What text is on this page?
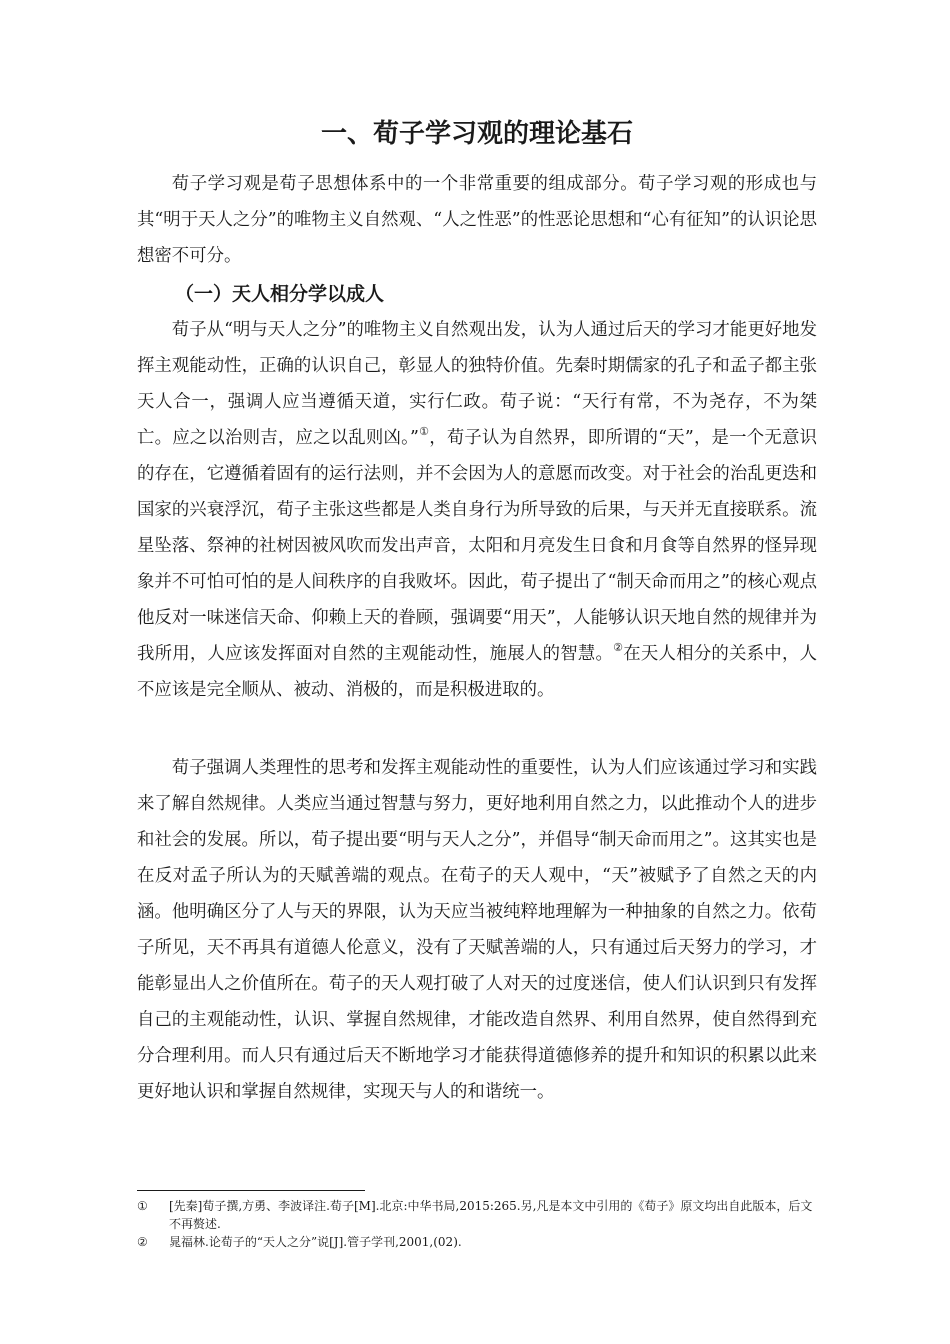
一、荀子学习观的理论基石

荀子学习观是荀子思想体系中的一个非常重要的组成部分。荀子学习观的形成也与其“明于天人之分”的唯物主义自然观、“人之性恶”的性恶论思想和“心有征知”的认识论思想密不可分。

（一）天人相分学以成人

荀子从“明与天人之分”的唯物主义自然观出发，认为人通过后天的学习才能更好地发挥主观能动性，正确的认识自己，彰显人的独特价值。先秦时期儒家的孔子和孟子都主张天人合一，强调人应当遵循天道，实行仁政。荀子说：“天行有常，不为尧存，不为桀亡。应之以治则吉，应之以乱则凶。”①，荀子认为自然界，即所谓的“天”，是一个无意识的存在，它遵循着固有的运行法则，并不会因为人的意愿而改变。对于社会的治乱更迭和国家的兴衰浮沉，荀子主张这些都是人类自身行为所导致的后果，与天并无直接联系。流星坠落、祭神的社树因被风吹而发出声音，太阳和月亮发生日食和月食等自然界的怪异现象并不可怕可怕的是人间秩序的自我败坏。因此，荀子提出了“制天命而用之”的核心观点他反对一味迷信天命、仰赖上天的眷顾，强调要“用天”，人能够认识天地自然的规律并为我所用，人应该发挥面对自然的主观能动性，施展人的智慧。②在天人相分的关系中，人不应该是完全顺从、被动、消极的，而是积极进取的。

荀子强调人类理性的思考和发挥主观能动性的重要性，认为人们应该通过学习和实践来了解自然规律。人类应当通过智慧与努力，更好地利用自然之力，以此推动个人的进步和社会的发展。所以，荀子提出要“明与天人之分”，并倡导“制天命而用之”。这其实也是在反对孟子所认为的天赋善端的观点。在荀子的天人观中，“天”被赋予了自然之天的内涵。他明确区分了人与天的界限，认为天应当被纯粹地理解为一种抽象的自然之力。依荀子所见，天不再具有道德人伦意义，没有了天赋善端的人，只有通过后天努力的学习，才能彰显出人之价值所在。荀子的天人观打破了人对天的过度迷信，使人们认识到只有发挥自己的主观能动性，认识、掌握自然规律，才能改造自然界、利用自然界，使自然得到充分合理利用。而人只有通过后天不断地学习才能获得道德修养的提升和知识的积累以此来更好地认识和掌握自然规律，实现天与人的和谐统一。

①	[先秦]荀子撰,方勇、李波译注.荀子[M].北京:中华书局,2015:265.另,凡是本文中引用的《荀子》原文均出自此版本，后文不再赘述.
②	晁福林.论荀子的“天人之分”说[J].管子学刊,2001,(02).
